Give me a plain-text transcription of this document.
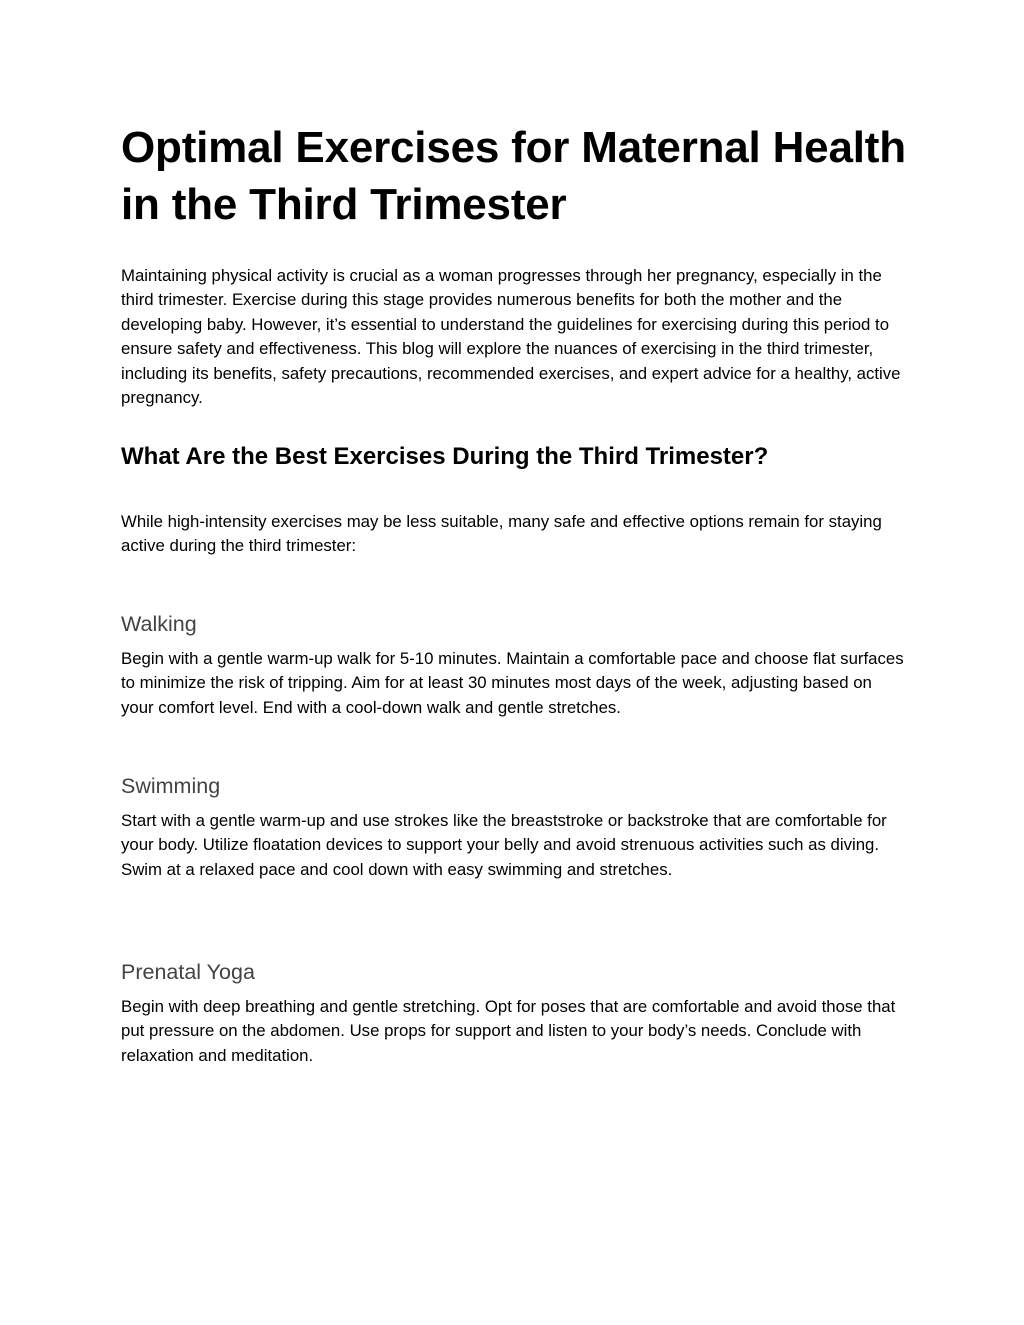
Optimal Exercises for Maternal Health in the Third Trimester

Maintaining physical activity is crucial as a woman progresses through her pregnancy, especially in the third trimester. Exercise during this stage provides numerous benefits for both the mother and the developing baby. However, it’s essential to understand the guidelines for exercising during this period to ensure safety and effectiveness. This blog will explore the nuances of exercising in the third trimester, including its benefits, safety precautions, recommended exercises, and expert advice for a healthy, active pregnancy.

What Are the Best Exercises During the Third Trimester?

While high-intensity exercises may be less suitable, many safe and effective options remain for staying active during the third trimester:

Walking

Begin with a gentle warm-up walk for 5-10 minutes. Maintain a comfortable pace and choose flat surfaces to minimize the risk of tripping. Aim for at least 30 minutes most days of the week, adjusting based on your comfort level. End with a cool-down walk and gentle stretches.

Swimming

Start with a gentle warm-up and use strokes like the breaststroke or backstroke that are comfortable for your body. Utilize floatation devices to support your belly and avoid strenuous activities such as diving. Swim at a relaxed pace and cool down with easy swimming and stretches.

Prenatal Yoga

Begin with deep breathing and gentle stretching. Opt for poses that are comfortable and avoid those that put pressure on the abdomen. Use props for support and listen to your body’s needs. Conclude with relaxation and meditation.
